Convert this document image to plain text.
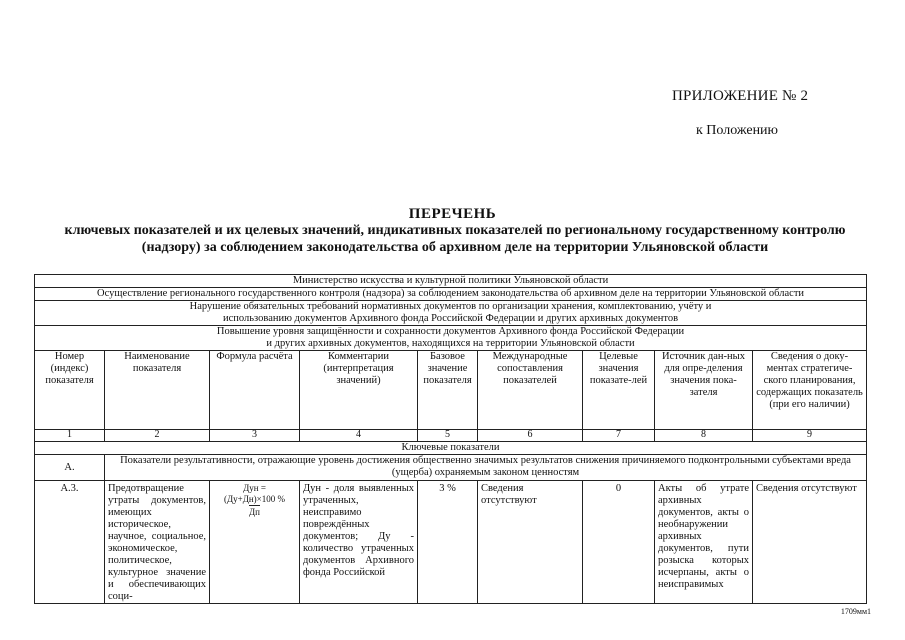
ПРИЛОЖЕНИЕ № 2
к Положению
ПЕРЕЧЕНЬ
ключевых показателей и их целевых значений, индикативных показателей по региональному государственному контролю (надзору) за соблюдением законодательства об архивном деле на территории Ульяновской области
Министерство искусства и культурной политики Ульяновской области								
Осуществление регионального государственного контроля (надзора) за соблюдением законодательства об архивном деле на территории Ульяновской области								
Нарушение обязательных требований нормативных документов по организации хранения, комплектованию, учёту и использованию документов Архивного фонда Российской Федерации и других архивных документов								
Повышение уровня защищённости и сохранности документов Архивного фонда Российской Федерации и других архивных документов, находящихся на территории Ульяновской области								
Номер (индекс) показателя	Наименование показателя	Формула расчёта	Комментарии (интерпретация значений)	Базовое значение показателя	Международные сопоставления показателей	Целевые значения показате-лей	Источник дан-ных для опре-деления значения пока-зателя	Сведения о доку-ментах стратегиче-ского планирования, содержащих показатель (при его наличии)
1	2	3	4	5	6	7	8	9
Ключевые показатели								
А.	Показатели результативности, отражающие уровень достижения общественно значимых результатов снижения причиняемого подконтрольными субъектами вреда (ущерба) охраняемым законом ценностям							
А.3.	Предотвращение утраты документов, имеющих историческое, научное, социальное, экономическое, политическое, культурное значение и обеспечивающих соци-	Дун =
(Ду+Дн)×100 %
Дп	Дун - доля выявленных утраченных, неисправимо повреждённых документов; Ду - количество утраченных документов Архивного фонда Российской	3 %	Сведения отсутствуют	0	Акты об утрате архивных документов, акты о необнаружении архивных документов, пути розыска которых исчерпаны, акты о неисправимых	Сведения отсутствуют
1709мм1
